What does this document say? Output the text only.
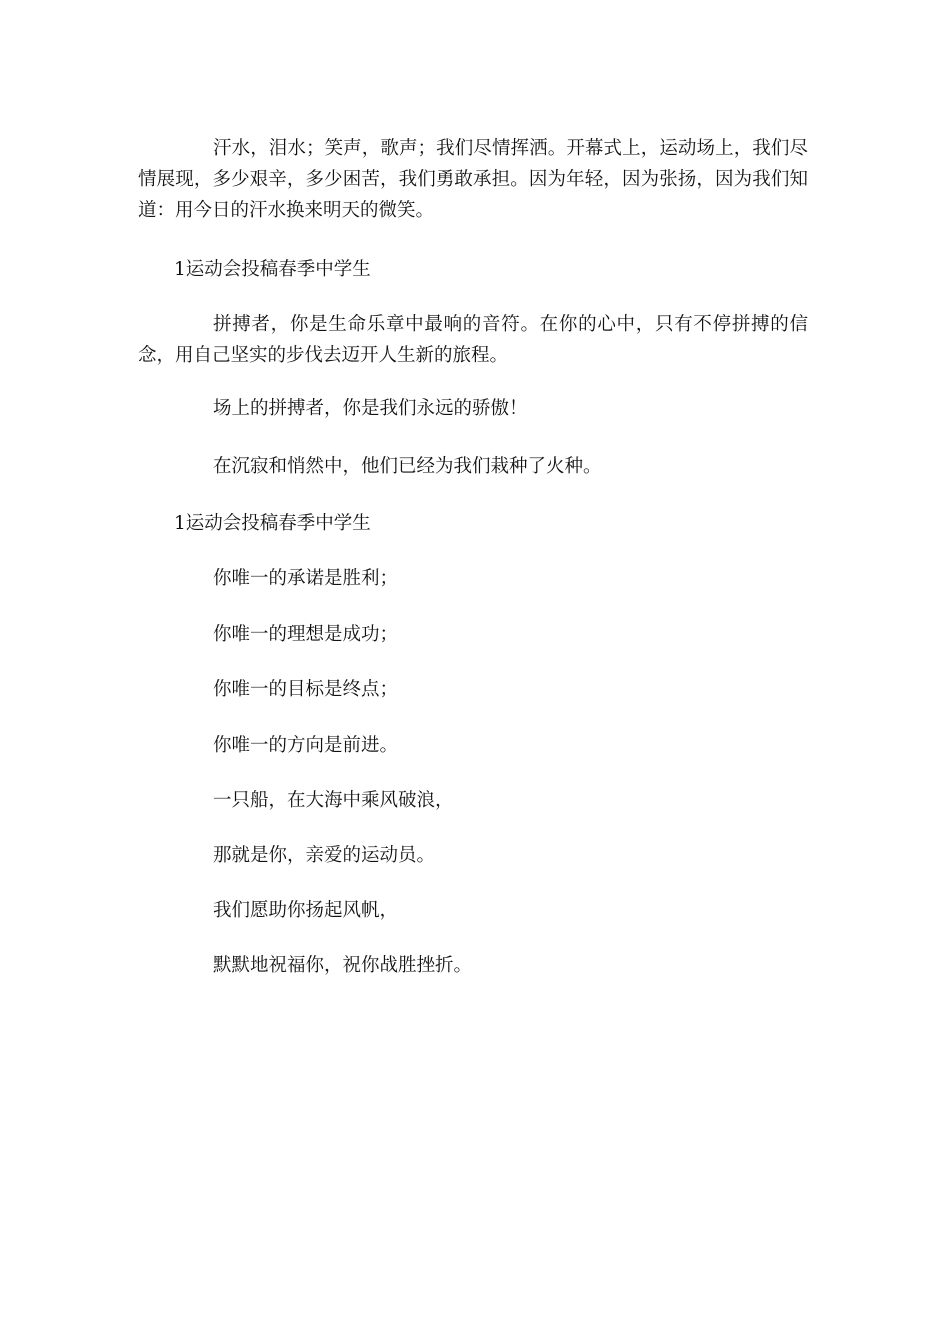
汗水，泪水；笑声，歌声；我们尽情挥洒。开幕式上，运动场上，我们尽情展现，多少艰辛，多少困苦，我们勇敢承担。因为年轻，因为张扬，因为我们知道：用今日的汗水换来明天的微笑。

1运动会投稿春季中学生

拼搏者，你是生命乐章中最响的音符。在你的心中，只有不停拼搏的信念，用自己坚实的步伐去迈开人生新的旅程。

场上的拼搏者，你是我们永远的骄傲！

在沉寂和悄然中，他们已经为我们栽种了火种。

1运动会投稿春季中学生

你唯一的承诺是胜利；

你唯一的理想是成功；

你唯一的目标是终点；

你唯一的方向是前进。

一只船，在大海中乘风破浪，

那就是你，亲爱的运动员。

我们愿助你扬起风帆，

默默地祝福你，祝你战胜挫折。
